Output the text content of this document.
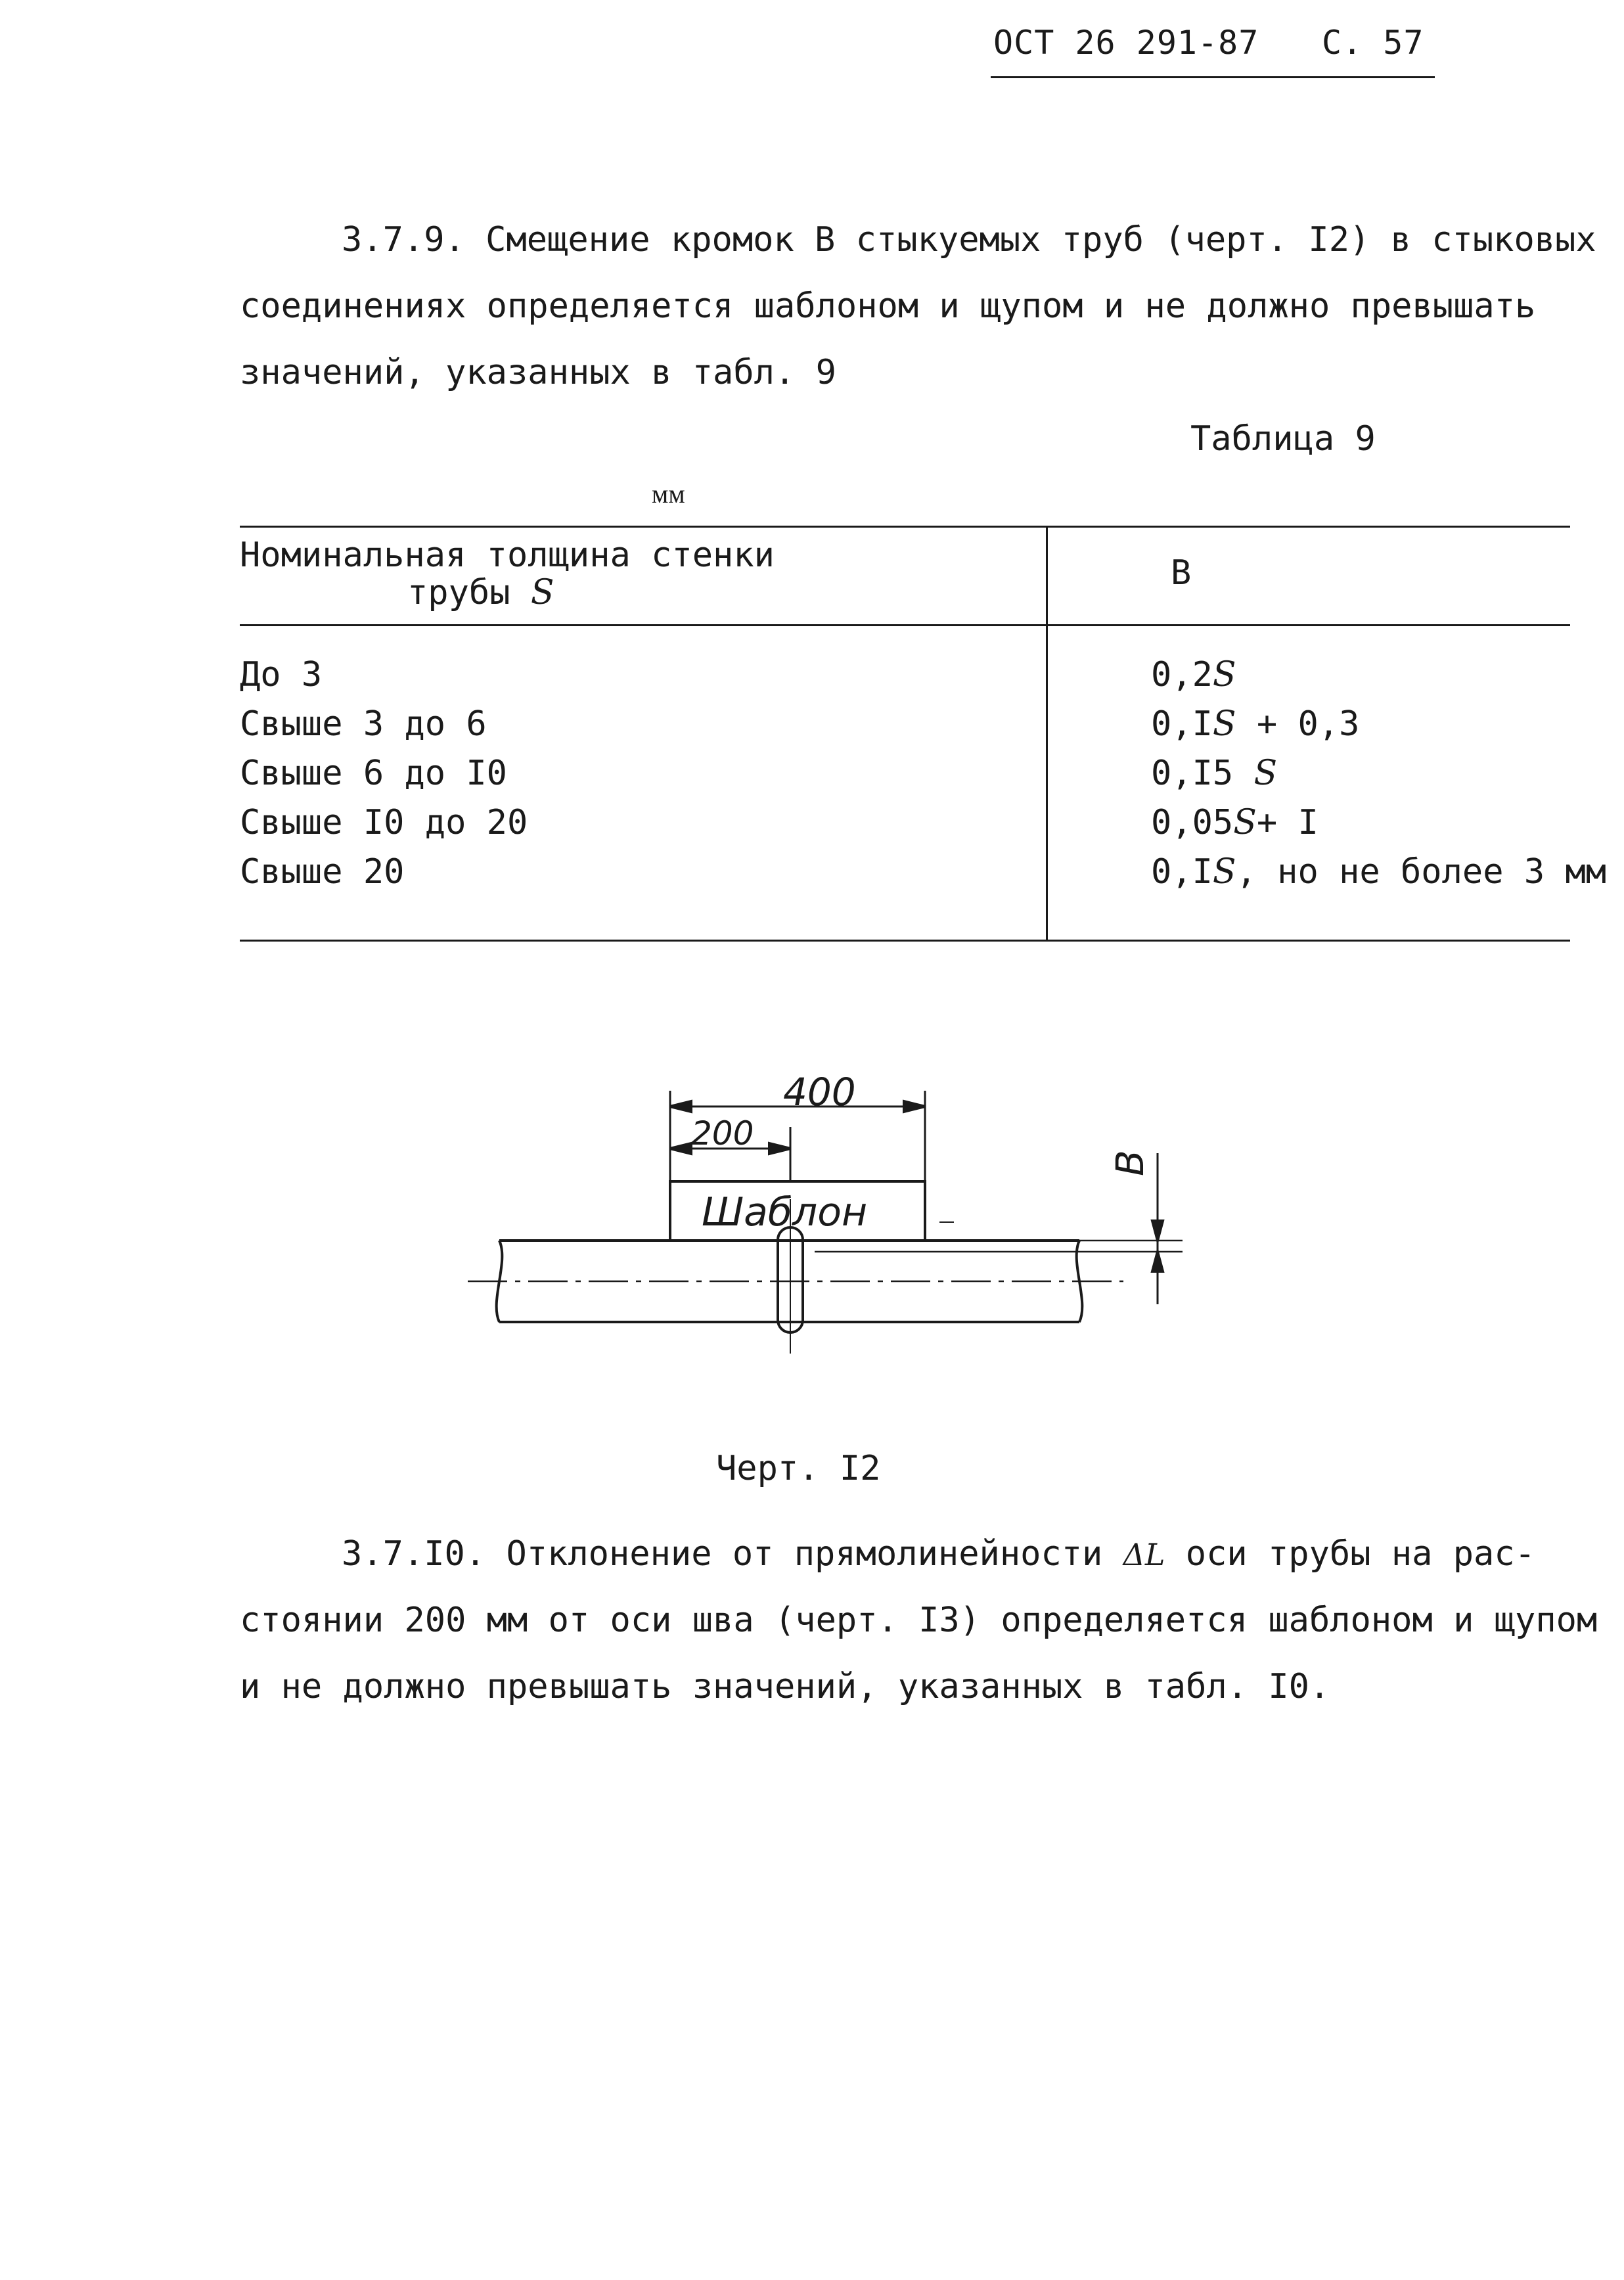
ОСТ 26 291-87 С. 57
3.7.9. Смещение кромок В стыкуемых труб (черт. I2) в стыковых
соединениях определяется шаблоном и щупом и не должно превышать
значений, указанных в табл. 9
Таблица 9
мм
Номинальная толщина стенки
трубы S	B
До 3
Свыше 3 до 6
Свыше 6 до I0
Свыше I0 до 20
Свыше 20
0,2S
0,IS + 0,3
0,I5 S
0,05S+ I
0,IS, но не более 3 мм
400
200
Шаблон
B
Черт. I2
3.7.I0. Отклонение от прямолинейности ΔL оси трубы на рас-
стоянии 200 мм от оси шва (черт. I3) определяется шаблоном и щупом
и не должно превышать значений, указанных в табл. I0.
